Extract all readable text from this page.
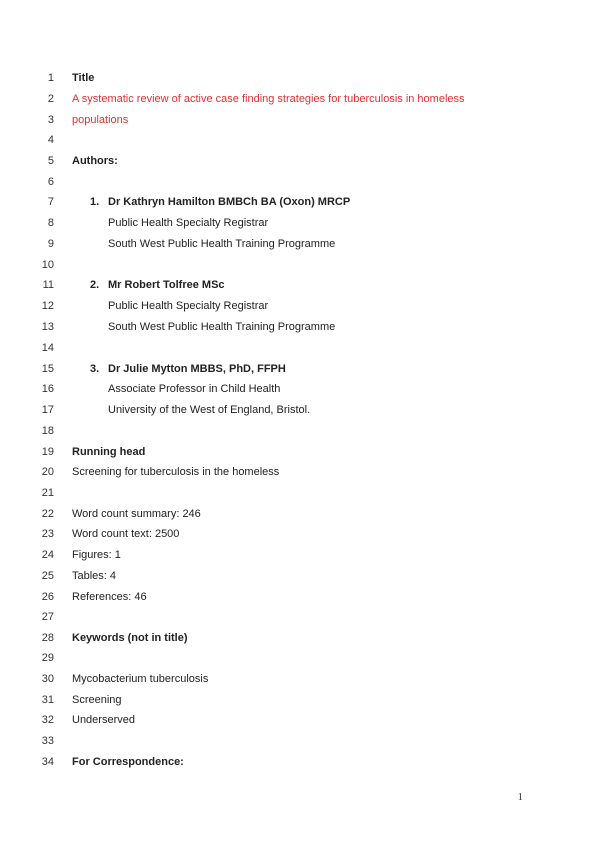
1 Title
2 A systematic review of active case finding strategies for tuberculosis in homeless
3 populations
4
5 Authors:
6
7	1. Dr Kathryn Hamilton BMBCh BA (Oxon) MRCP
8	Public Health Specialty Registrar
9	South West Public Health Training Programme
10
11	2. Mr Robert Tolfree MSc
12	Public Health Specialty Registrar
13	South West Public Health Training Programme
14
15	3. Dr Julie Mytton MBBS, PhD, FFPH
16	Associate Professor in Child Health
17	University of the West of England, Bristol.
18
19 Running head
20 Screening for tuberculosis in the homeless
21
22 Word count summary: 246
23 Word count text: 2500
24 Figures: 1
25 Tables: 4
26 References: 46
27
28 Keywords (not in title)
29
30 Mycobacterium tuberculosis
31 Screening
32 Underserved
33
34 For Correspondence:
1
